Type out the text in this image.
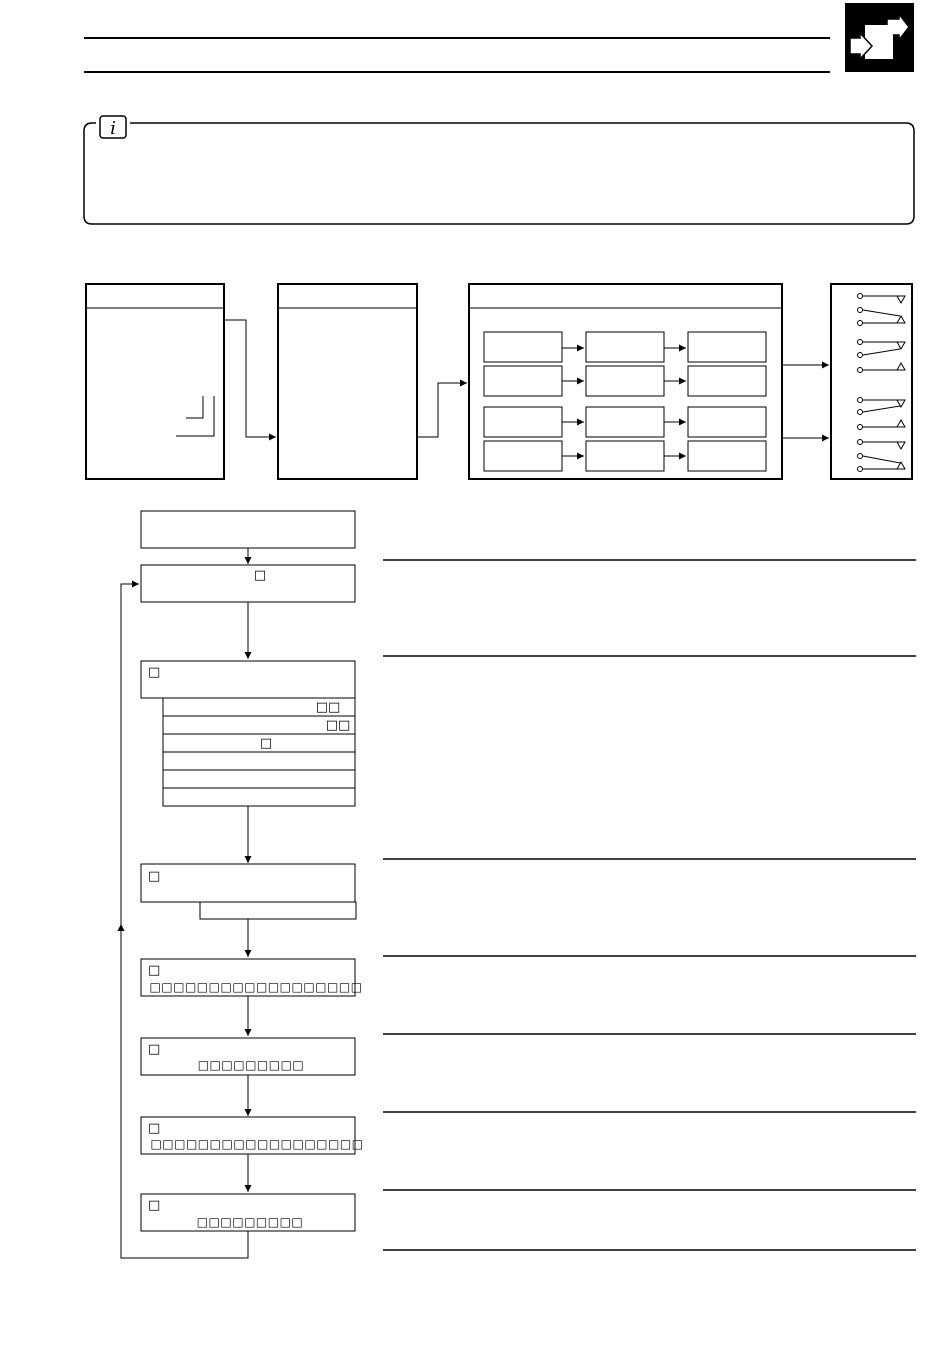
i
□
□
□□
□□
□
□
□
□□□□□□□□□□□□□□□□□□
□
□□□□□□□□□
□
□□□□□□□□□□□□□□□□□□
□
□□□□□□□□□
